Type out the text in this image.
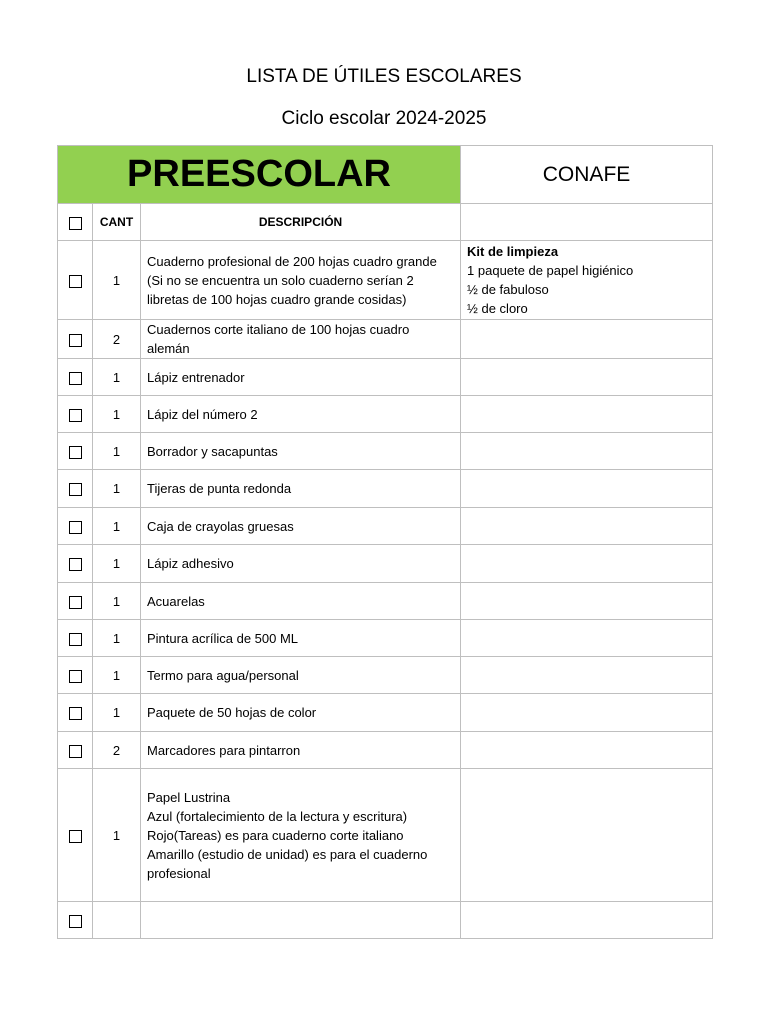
LISTA DE ÚTILES ESCOLARES
Ciclo escolar 2024-2025
PREESCOLAR			CONAFE
	CANT	DESCRIPCIÓN	
	1	Cuaderno profesional de 200 hojas cuadro grande
(Si no se encuentra un solo cuaderno serían 2
libretas de 100 hojas cuadro grande cosidas)	Kit de limpieza
1 paquete de papel higiénico
½ de fabuloso
½ de cloro

	2	Cuadernos corte italiano de 100 hojas cuadro
alemán	
	1	Lápiz entrenador	
	1	Lápiz del número 2	
	1	Borrador y sacapuntas	
	1	Tijeras de punta redonda	
	1	Caja de crayolas gruesas	
	1	Lápiz adhesivo	
	1	Acuarelas	
	1	Pintura acrílica de 500 ML	
	1	Termo para agua/personal	
	1	Paquete de 50 hojas de color	
	2	Marcadores para pintarron	
	1	Papel Lustrina
Azul (fortalecimiento de la lectura y escritura)
Rojo(Tareas) es para cuaderno corte italiano
Amarillo (estudio de unidad) es para el cuaderno
profesional	
